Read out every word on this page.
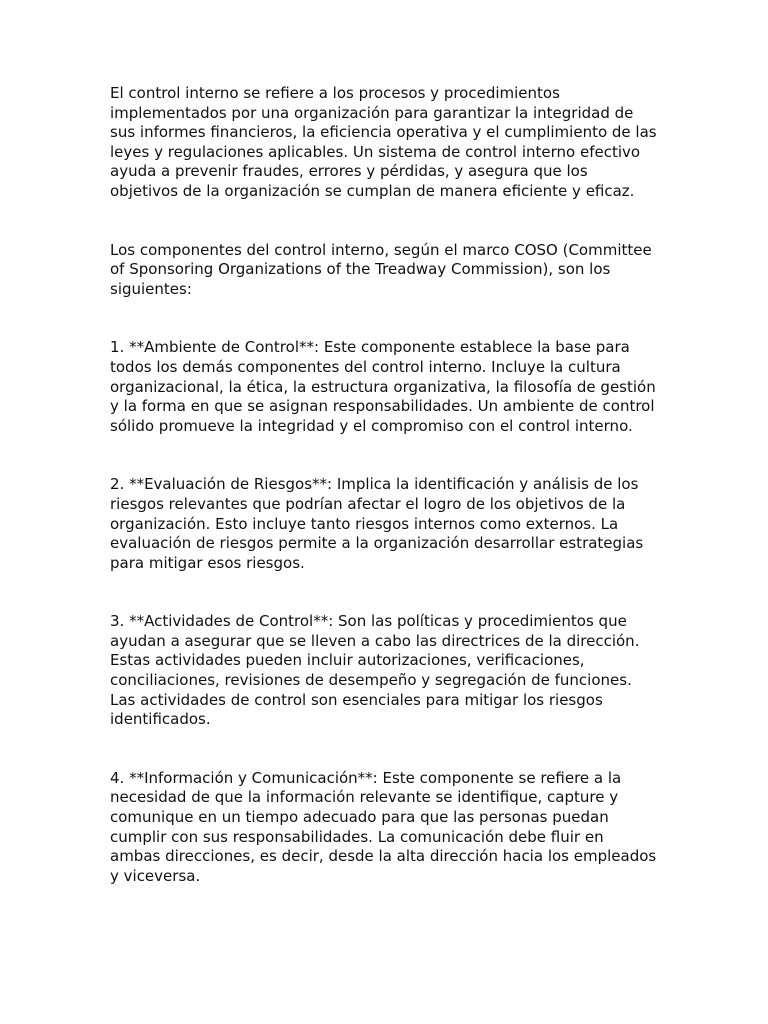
El control interno se refiere a los procesos y procedimientos implementados por una organización para garantizar la integridad de sus informes financieros, la eficiencia operativa y el cumplimiento de las leyes y regulaciones aplicables. Un sistema de control interno efectivo ayuda a prevenir fraudes, errores y pérdidas, y asegura que los objetivos de la organización se cumplan de manera eficiente y eficaz.

Los componentes del control interno, según el marco COSO (Committee of Sponsoring Organizations of the Treadway Commission), son los siguientes:

1. **Ambiente de Control**: Este componente establece la base para todos los demás componentes del control interno. Incluye la cultura organizacional, la ética, la estructura organizativa, la filosofía de gestión y la forma en que se asignan responsabilidades. Un ambiente de control sólido promueve la integridad y el compromiso con el control interno.

2. **Evaluación de Riesgos**: Implica la identificación y análisis de los riesgos relevantes que podrían afectar el logro de los objetivos de la organización. Esto incluye tanto riesgos internos como externos. La evaluación de riesgos permite a la organización desarrollar estrategias para mitigar esos riesgos.

3. **Actividades de Control**: Son las políticas y procedimientos que ayudan a asegurar que se lleven a cabo las directrices de la dirección. Estas actividades pueden incluir autorizaciones, verificaciones, conciliaciones, revisiones de desempeño y segregación de funciones. Las actividades de control son esenciales para mitigar los riesgos identificados.

4. **Información y Comunicación**: Este componente se refiere a la necesidad de que la información relevante se identifique, capture y comunique en un tiempo adecuado para que las personas puedan cumplir con sus responsabilidades. La comunicación debe fluir en ambas direcciones, es decir, desde la alta dirección hacia los empleados y viceversa.
